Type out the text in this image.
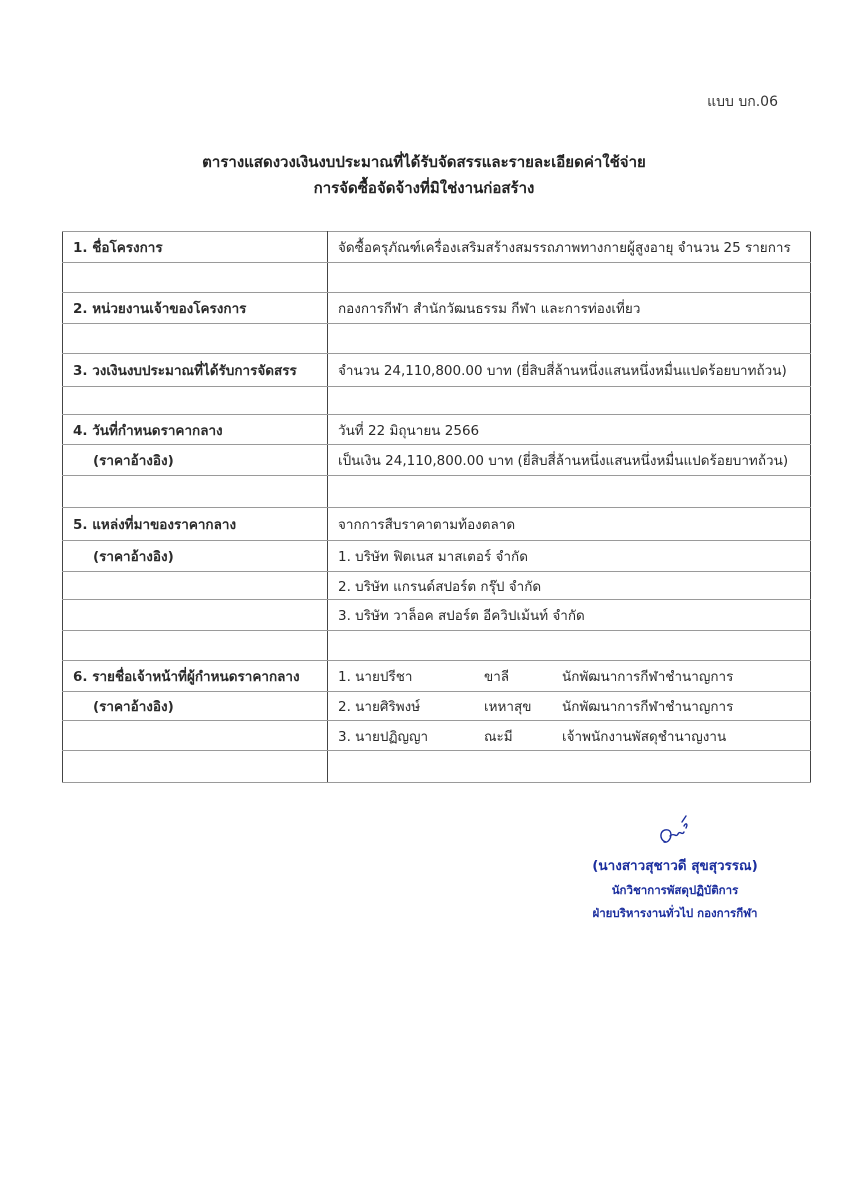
แบบ บก.06
ตารางแสดงวงเงินงบประมาณที่ได้รับจัดสรรและรายละเอียดค่าใช้จ่าย
การจัดซื้อจัดจ้างที่มิใช่งานก่อสร้าง
1. ชื่อโครงการ	จัดซื้อครุภัณฑ์เครื่องเสริมสร้างสมรรถภาพทางกายผู้สูงอายุ จำนวน 25 รายการ

2. หน่วยงานเจ้าของโครงการ	กองการกีฬา สำนักวัฒนธรรม กีฬา และการท่องเที่ยว

3. วงเงินงบประมาณที่ได้รับการจัดสรร	จำนวน 24,110,800.00 บาท (ยี่สิบสี่ล้านหนึ่งแสนหนึ่งหมื่นแปดร้อยบาทถ้วน)

4. วันที่กำหนดราคากลาง	วันที่ 22 มิถุนายน 2566
(ราคาอ้างอิง)	เป็นเงิน 24,110,800.00 บาท (ยี่สิบสี่ล้านหนึ่งแสนหนึ่งหมื่นแปดร้อยบาทถ้วน)

5. แหล่งที่มาของราคากลาง	จากการสืบราคาตามท้องตลาด
(ราคาอ้างอิง)	1. บริษัท ฟิตเนส มาสเตอร์ จำกัด
	2. บริษัท แกรนด์สปอร์ต กรุ๊ป จำกัด
	3. บริษัท วาล็อค สปอร์ต อีควิปเม้นท์ จำกัด

6. รายชื่อเจ้าหน้าที่ผู้กำหนดราคากลาง	1. นายปรีชา ขาลี นักพัฒนาการกีฬาชำนาญการ
(ราคาอ้างอิง)	2. นายศิริพงษ์ เหหาสุข นักพัฒนาการกีฬาชำนาญการ
	3. นายปฏิญญา ณะมี เจ้าพนักงานพัสดุชำนาญงาน

(นางสาวสุชาวดี สุขสุวรรณ)
นักวิชาการพัสดุปฏิบัติการ
ฝ่ายบริหารงานทั่วไป กองการกีฬา
